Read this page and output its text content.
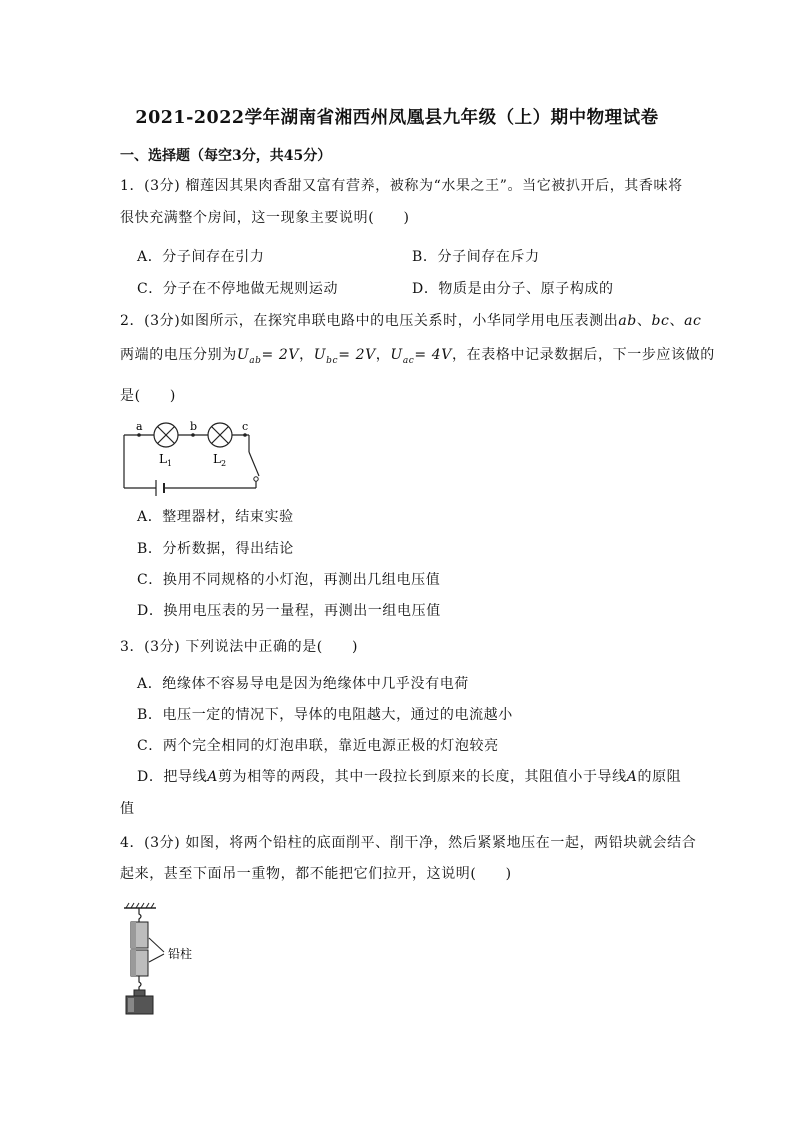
2021-2022学年湖南省湘西州凤凰县九年级（上）期中物理试卷
一、选择题（每空3分，共45分）
1．(3分) 榴莲因其果肉香甜又富有营养，被称为“水果之王”。当它被扒开后，其香味将
很快充满整个房间，这一现象主要说明(　　)
A．分子间存在引力	B．分子间存在斥力
C．分子在不停地做无规则运动	D．物质是由分子、原子构成的
2．(3分)如图所示，在探究串联电路中的电压关系时，小华同学用电压表测出ab、bc、ac
两端的电压分别为$U_{ab}= 2V$，$U_{bc}= 2V$，$U_{ac}= 4V$，在表格中记录数据后，下一步应该做的
是(　　)
a	b	c
$L_1$	$L_2$
A．整理器材，结束实验
B．分析数据，得出结论
C．换用不同规格的小灯泡，再测出几组电压值
D．换用电压表的另一量程，再测出一组电压值
3．(3分) 下列说法中正确的是(　　)
A．绝缘体不容易导电是因为绝缘体中几乎没有电荷
B．电压一定的情况下，导体的电阻越大，通过的电流越小
C．两个完全相同的灯泡串联，靠近电源正极的灯泡较亮
D．把导线A剪为相等的两段，其中一段拉长到原来的长度，其阻值小于导线A的原阻
值
4．(3分) 如图，将两个铅柱的底面削平、削干净，然后紧紧地压在一起，两铅块就会结合
起来，甚至下面吊一重物，都不能把它们拉开，这说明(　　)
铅柱
